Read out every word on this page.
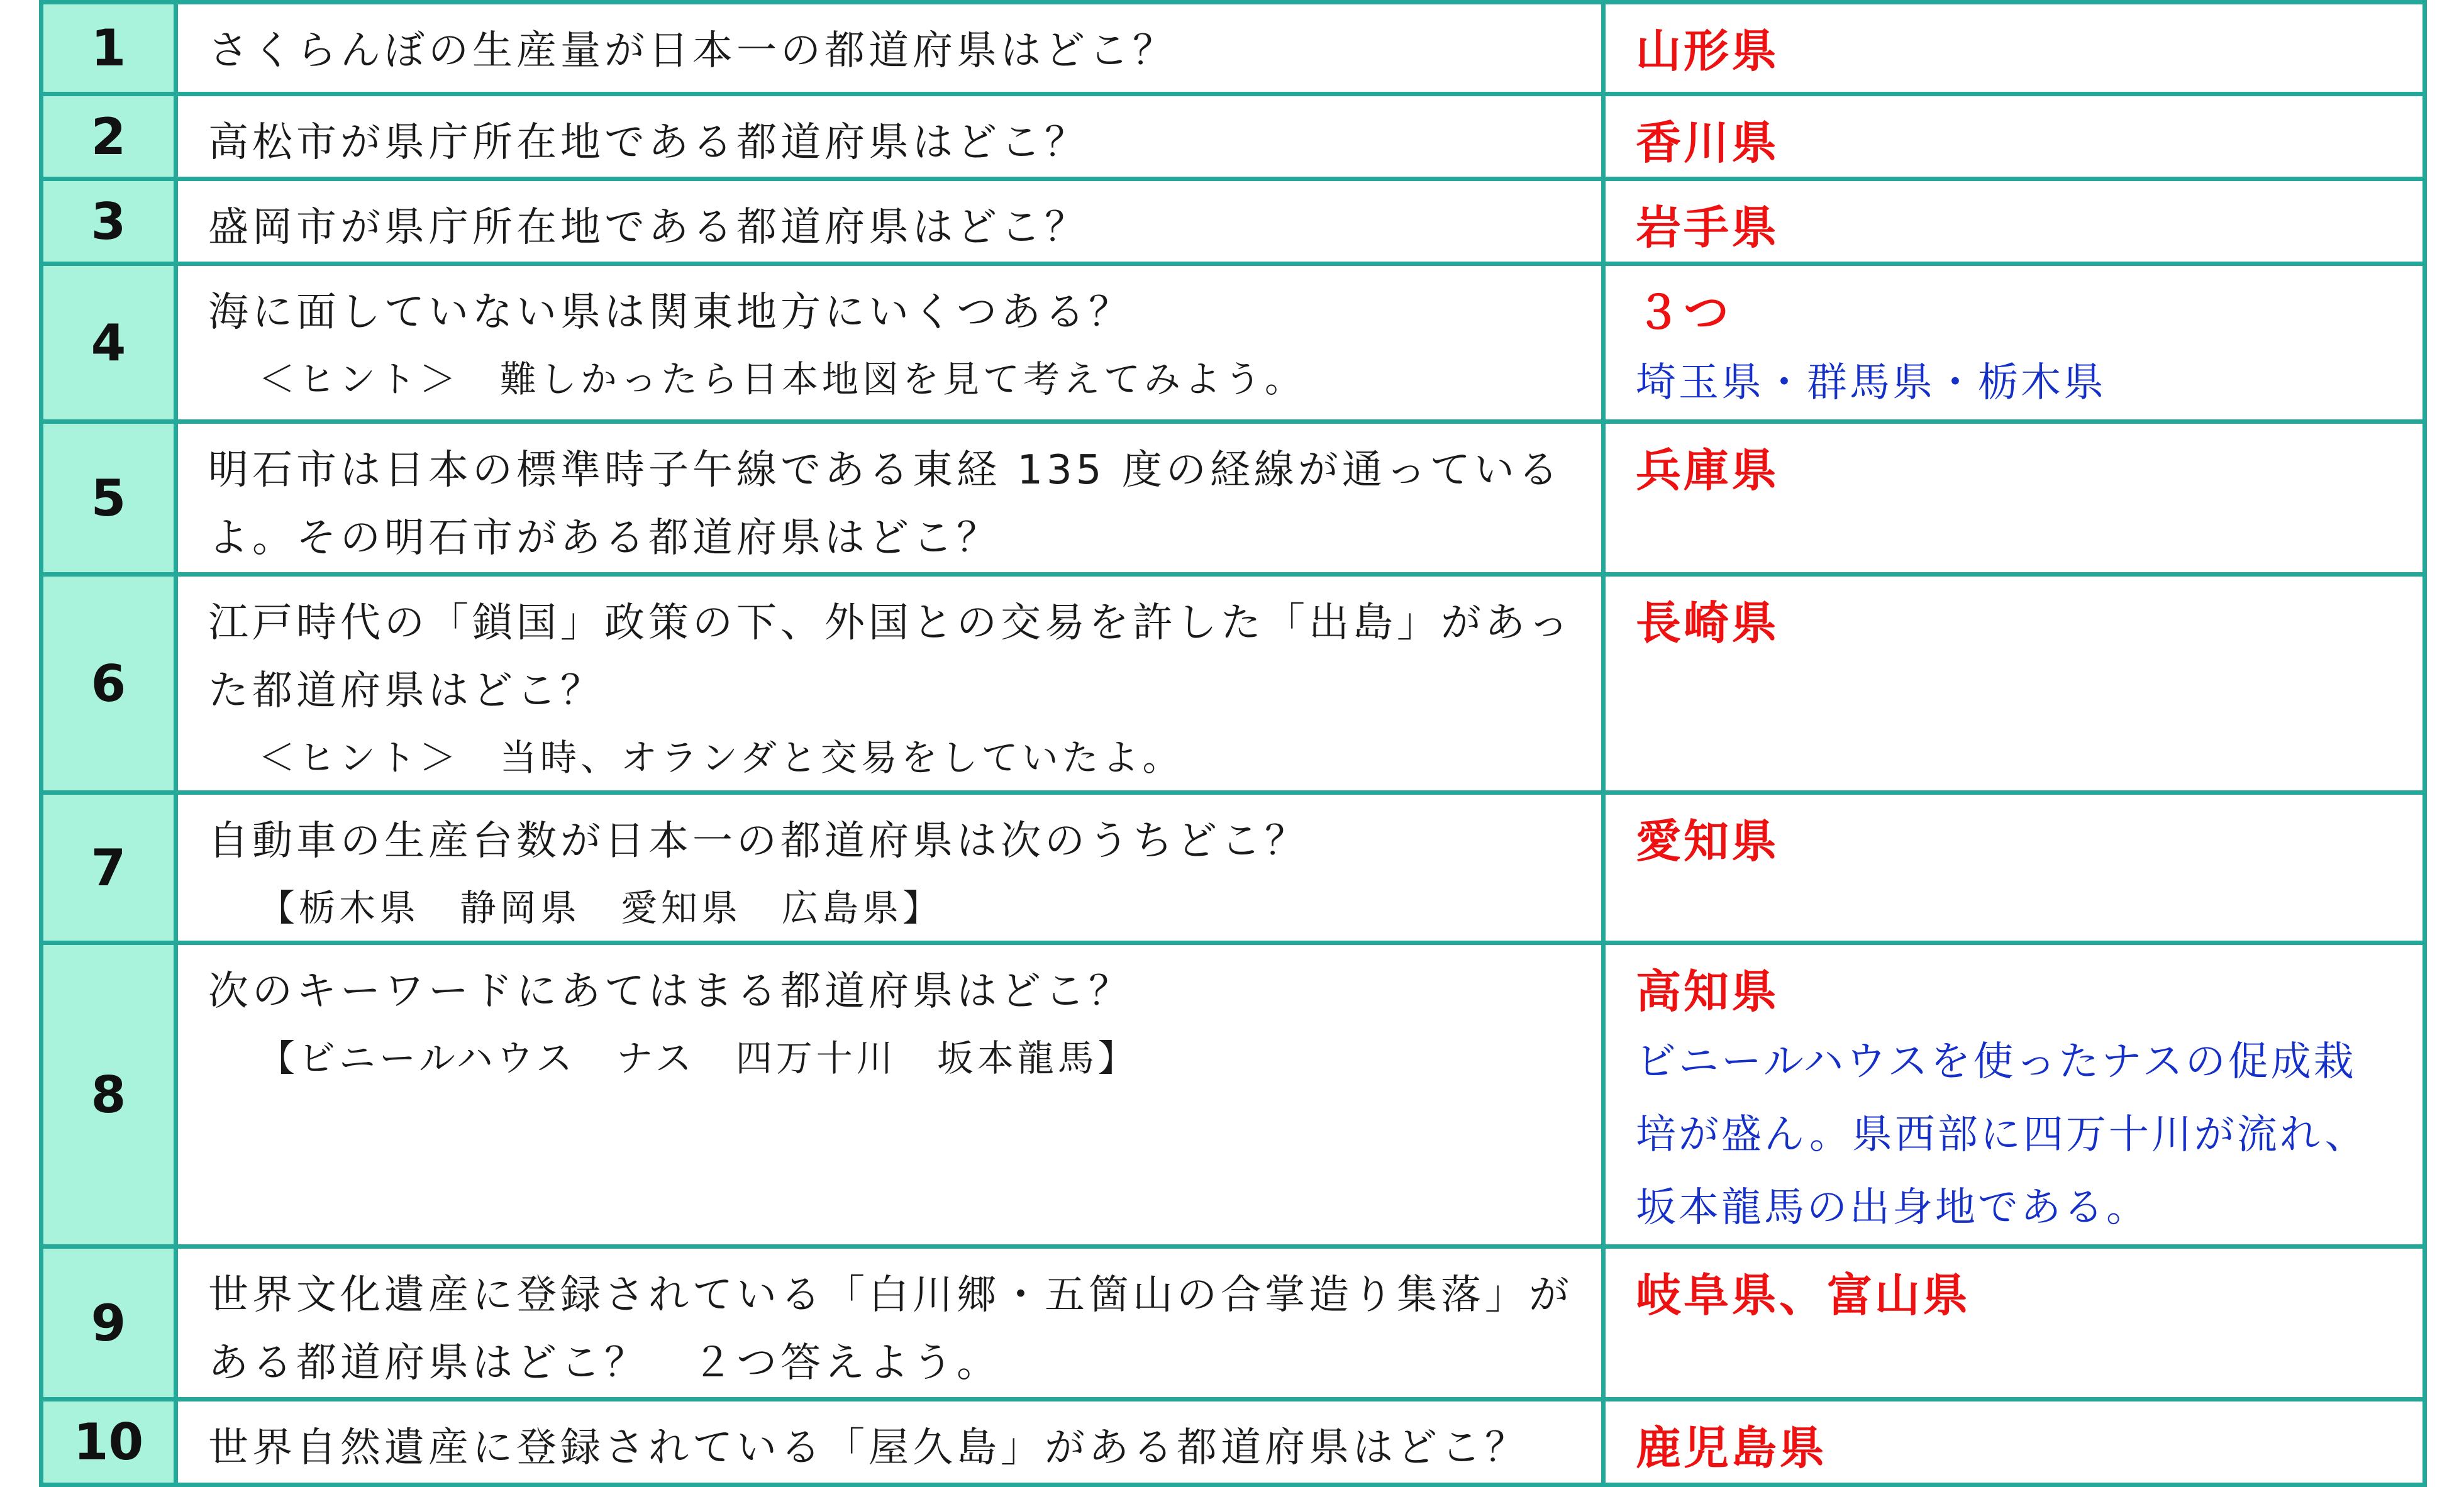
1	さくらんぼの生産量が日本一の都道府県はどこ？	山形県

2	高松市が県庁所在地である都道府県はどこ？	香川県

3	盛岡市が県庁所在地である都道府県はどこ？	岩手県

4	海に面していない県は関東地方にいくつある？
＜ヒント＞　難しかったら日本地図を見て考えてみよう。	３つ
埼玉県・群馬県・栃木県

5	明石市は日本の標準時子午線である東経 135 度の経線が通っているよ。その明石市がある都道府県はどこ？	兵庫県

6	江戸時代の「鎖国」政策の下、外国との交易を許した「出島」があった都道府県はどこ？
＜ヒント＞　当時、オランダと交易をしていたよ。	長崎県

7	自動車の生産台数が日本一の都道府県は次のうちどこ？
【栃木県　静岡県　愛知県　広島県】	愛知県

8	次のキーワードにあてはまる都道府県はどこ？
【ビニールハウス　ナス　四万十川　坂本龍馬】	高知県
ビニールハウスを使ったナスの促成栽培が盛ん。県西部に四万十川が流れ、坂本龍馬の出身地である。

9	世界文化遺産に登録されている「白川郷・五箇山の合掌造り集落」がある都道府県はどこ？　２つ答えよう。	岐阜県、富山県

10	世界自然遺産に登録されている「屋久島」がある都道府県はどこ？	鹿児島県
